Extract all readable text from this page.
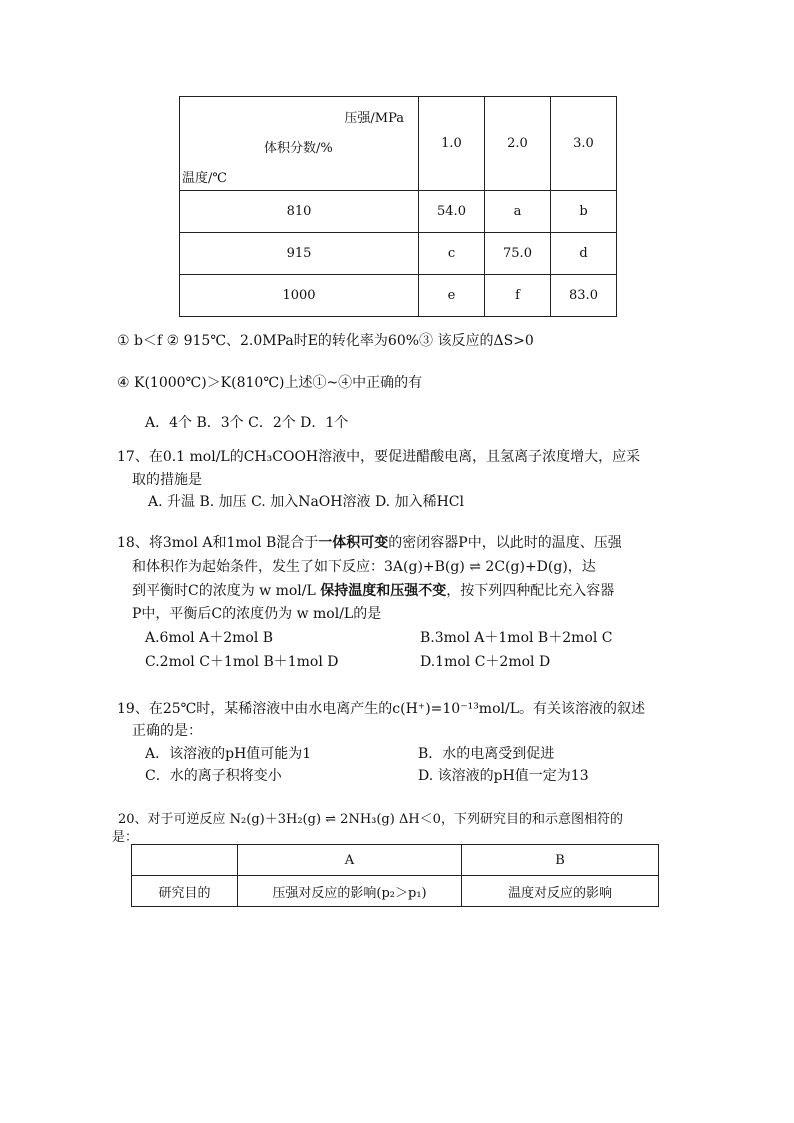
压强/MPa
体积分数/%
温度/℃	1.0	2.0	3.0
810	54.0	a	b
915	c	75.0	d
1000	e	f	83.0
① b＜f ② 915℃、2.0MPa时E的转化率为60%③ 该反应的ΔS>0
④ K(1000℃)＞K(810℃)上述①~④中正确的有
A．4个 B．3个 C．2个 D．1个
17、在0.1 mol/L的CH₃COOH溶液中，要促进醋酸电离，且氢离子浓度增大，应采
取的措施是
A. 升温 B. 加压 C. 加入NaOH溶液 D. 加入稀HCl
18、将3mol A和1mol B混合于一体积可变的密闭容器P中，以此时的温度、压强
和体积作为起始条件，发生了如下反应：3A(g)+B(g) ⇌ 2C(g)+D(g)，达
到平衡时C的浓度为 w mol/L 保持温度和压强不变，按下列四种配比充入容器
P中，平衡后C的浓度仍为 w mol/L的是
A.6mol A＋2mol B	B.3mol A＋1mol B＋2mol C
C.2mol C＋1mol B＋1mol D	D.1mol C＋2mol D
19、在25℃时，某稀溶液中由水电离产生的c(H⁺)=10⁻¹³mol/L。有关该溶液的叙述
正确的是：
A．该溶液的pH值可能为1	B．水的电离受到促进
C．水的离子积将变小	D. 该溶液的pH值一定为13
20、对于可逆反应 N₂(g)＋3H₂(g) ⇌ 2NH₃(g) ΔH＜0，下列研究目的和示意图相符的
是：
	A	B
研究目的	压强对反应的影响(p₂＞p₁)	温度对反应的影响
